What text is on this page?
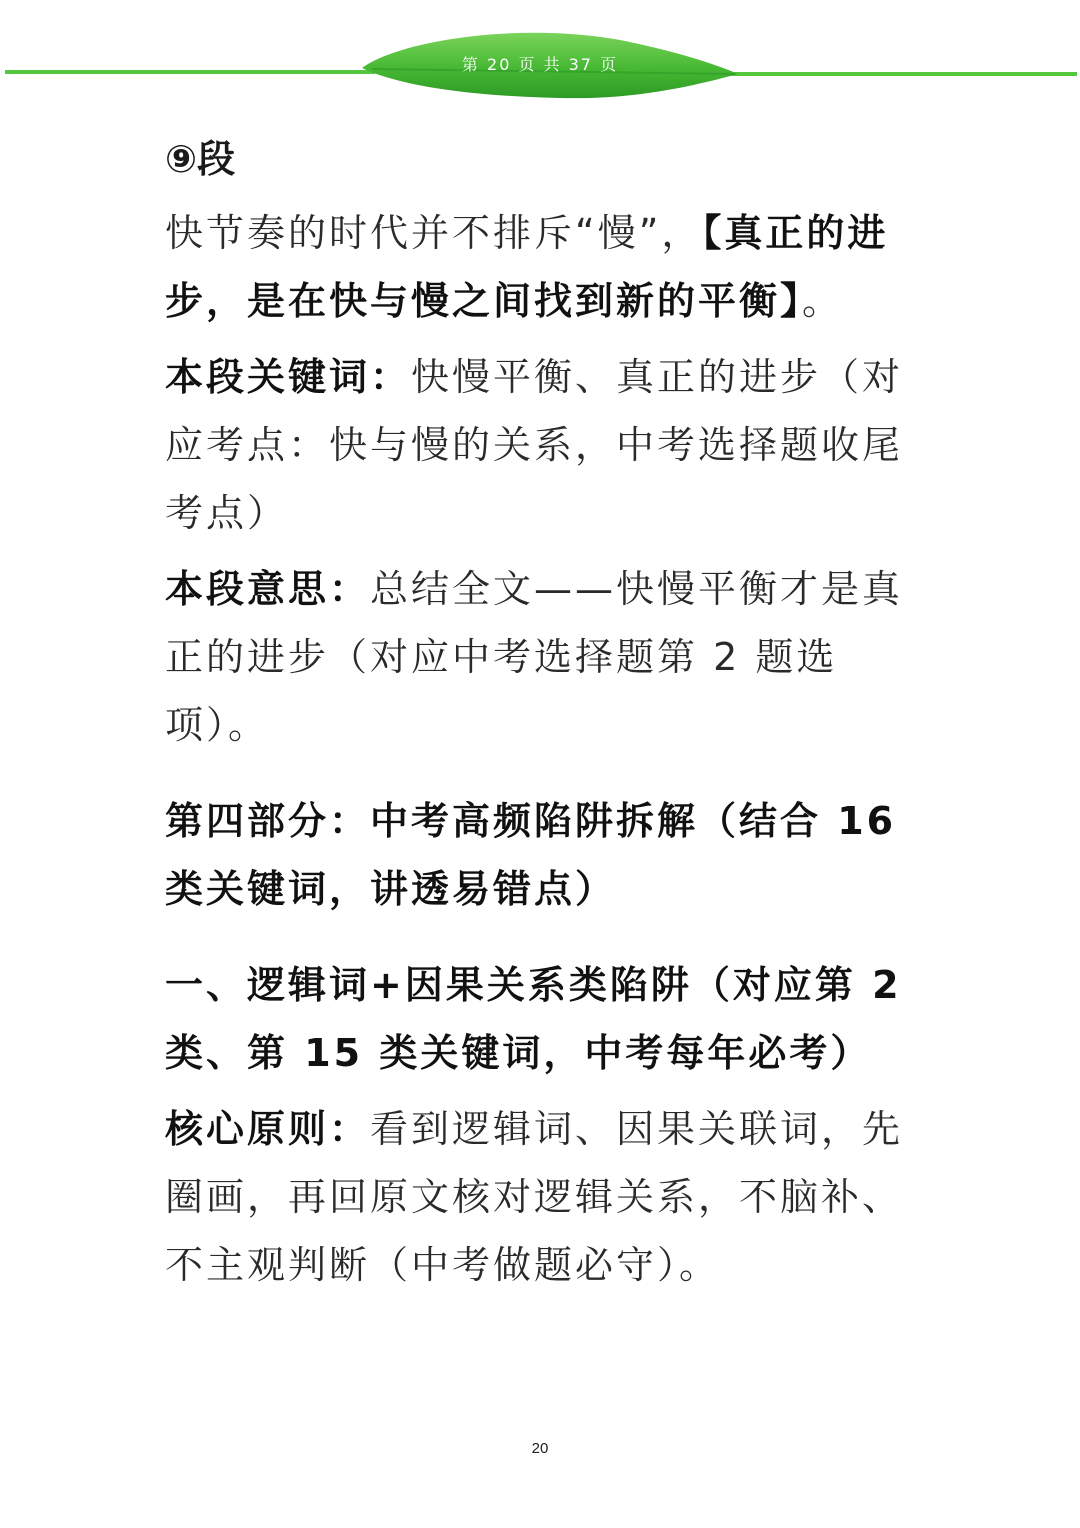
第 20 页 共 37 页

⑨段

快节奏的时代并不排斥“慢”，【真正的进步，是在快与慢之间找到新的平衡】。

本段关键词：快慢平衡、真正的进步（对应考点：快与慢的关系，中考选择题收尾考点）

本段意思：总结全文——快慢平衡才是真正的进步（对应中考选择题第 2 题选项）。

第四部分：中考高频陷阱拆解（结合 16 类关键词，讲透易错点）

一、逻辑词+因果关系类陷阱（对应第 2 类、第 15 类关键词，中考每年必考）

核心原则：看到逻辑词、因果关联词，先圈画，再回原文核对逻辑关系，不脑补、不主观判断（中考做题必守）。

20
